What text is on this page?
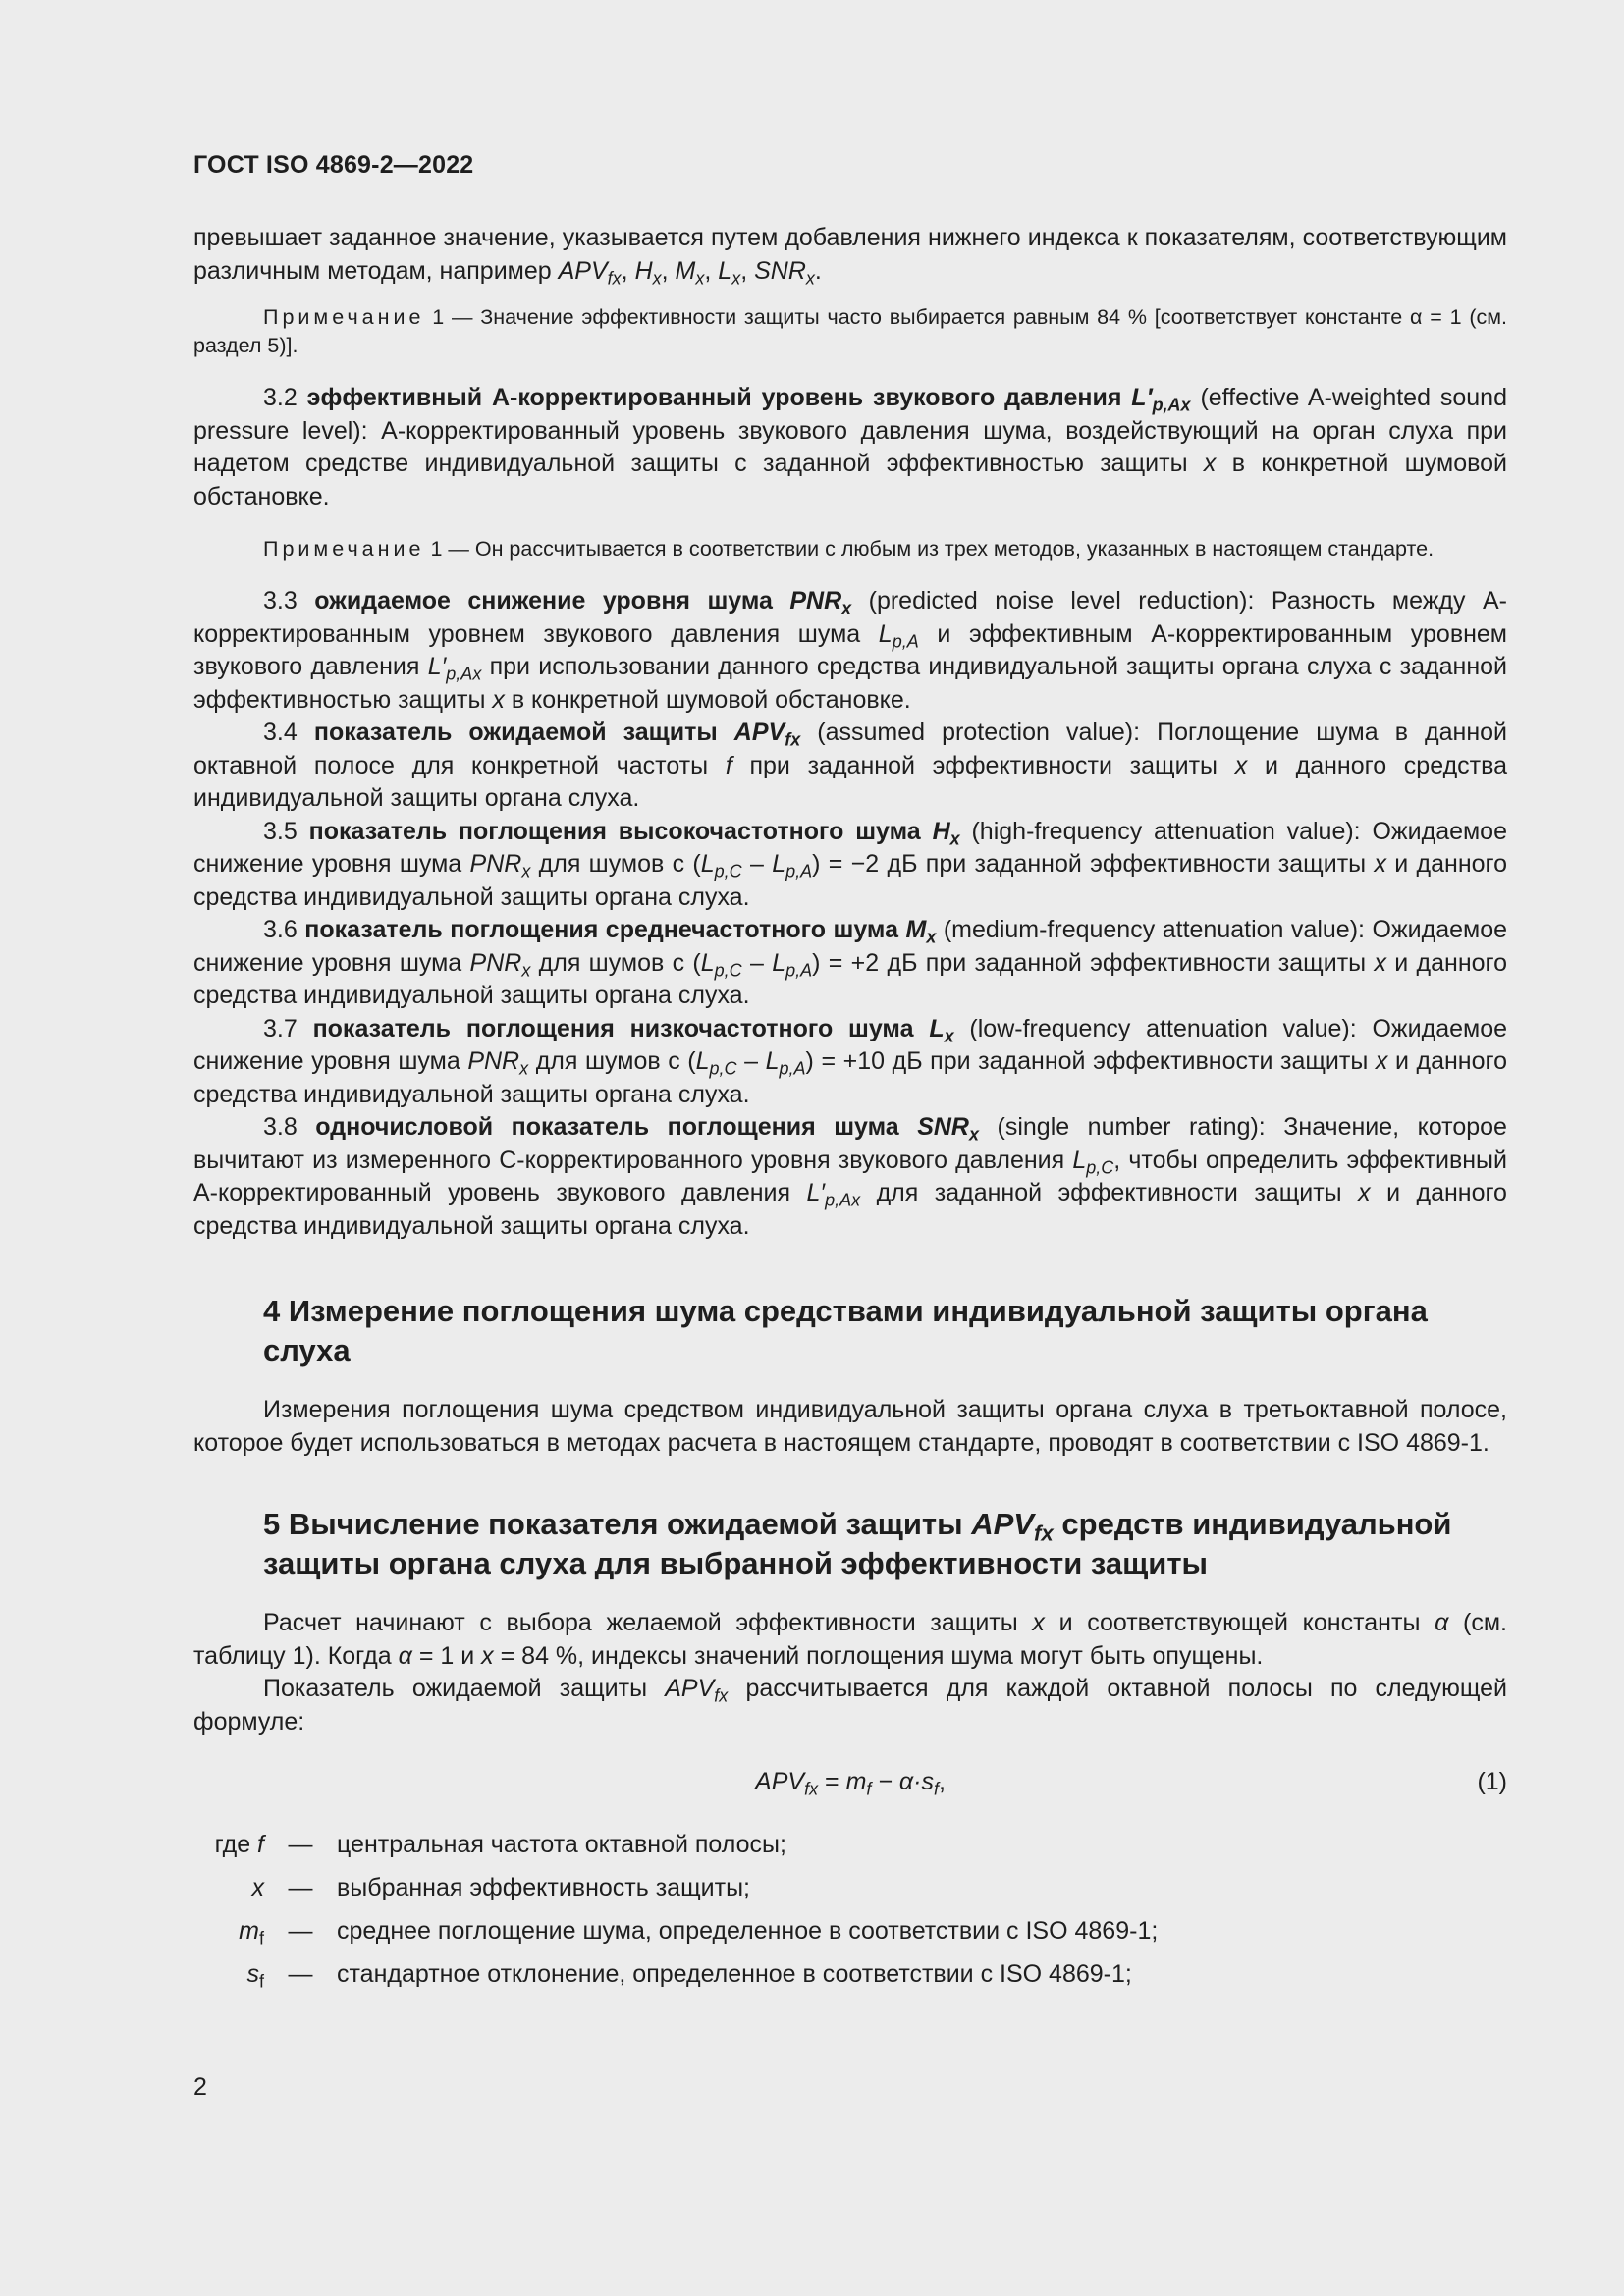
ГОСТ ISO 4869-2—2022

превышает заданное значение, указывается путем добавления нижнего индекса к показателям, соответствующим различным методам, например $APV_{fx}$, $H_x$, $M_x$, $L_x$, $SNR_x$.

Примечание 1 — Значение эффективности защиты часто выбирается равным 84 % [соответствует константе α = 1 (см. раздел 5)].

3.2 эффективный А-корректированный уровень звукового давления $L'_{p,Ax}$ (effective A-weighted sound pressure level): А-корректированный уровень звукового давления шума, воздействующий на орган слуха при надетом средстве индивидуальной защиты с заданной эффективностью защиты x в конкретной шумовой обстановке.

Примечание 1 — Он рассчитывается в соответствии с любым из трех методов, указанных в настоящем стандарте.

3.3 ожидаемое снижение уровня шума $PNR_x$ (predicted noise level reduction): Разность между А-корректированным уровнем звукового давления шума $L_{p,A}$ и эффективным А-корректированным уровнем звукового давления $L'_{p,Ax}$ при использовании данного средства индивидуальной защиты органа слуха с заданной эффективностью защиты x в конкретной шумовой обстановке.

3.4 показатель ожидаемой защиты $APV_{fx}$ (assumed protection value): Поглощение шума в данной октавной полосе для конкретной частоты f при заданной эффективности защиты x и данного средства индивидуальной защиты органа слуха.

3.5 показатель поглощения высокочастотного шума $H_x$ (high-frequency attenuation value): Ожидаемое снижение уровня шума $PNR_x$ для шумов с $(L_{p,C} - L_{p,A}) = -2$ дБ при заданной эффективности защиты x и данного средства индивидуальной защиты органа слуха.

3.6 показатель поглощения среднечастотного шума $M_x$ (medium-frequency attenuation value): Ожидаемое снижение уровня шума $PNR_x$ для шумов с $(L_{p,C} - L_{p,A}) = +2$ дБ при заданной эффективности защиты x и данного средства индивидуальной защиты органа слуха.

3.7 показатель поглощения низкочастотного шума $L_x$ (low-frequency attenuation value): Ожидаемое снижение уровня шума $PNR_x$ для шумов с $(L_{p,C} - L_{p,A}) = +10$ дБ при заданной эффективности защиты x и данного средства индивидуальной защиты органа слуха.

3.8 одночисловой показатель поглощения шума $SNR_x$ (single number rating): Значение, которое вычитают из измеренного С-корректированного уровня звукового давления $L_{p,C}$, чтобы определить эффективный А-корректированный уровень звукового давления $L'_{p,Ax}$ для заданной эффективности защиты x и данного средства индивидуальной защиты органа слуха.

4 Измерение поглощения шума средствами индивидуальной защиты органа слуха

Измерения поглощения шума средством индивидуальной защиты органа слуха в третьоктавной полосе, которое будет использоваться в методах расчета в настоящем стандарте, проводят в соответствии с ISO 4869-1.

5 Вычисление показателя ожидаемой защиты $APV_{fx}$ средств индивидуальной защиты органа слуха для выбранной эффективности защиты

Расчет начинают с выбора желаемой эффективности защиты x и соответствующей константы α (см. таблицу 1). Когда α = 1 и x = 84 %, индексы значений поглощения шума могут быть опущены.

Показатель ожидаемой защиты $APV_{fx}$ рассчитывается для каждой октавной полосы по следующей формуле:

$APV_{fx} = m_f - \alpha\cdot s_f$,	(1)
где f	—	центральная частота октавной полосы;
x	—	выбранная эффективность защиты;
$m_f$	—	среднее поглощение шума, определенное в соответствии с ISO 4869-1;
$s_f$	—	стандартное отклонение, определенное в соответствии с ISO 4869-1;
2
